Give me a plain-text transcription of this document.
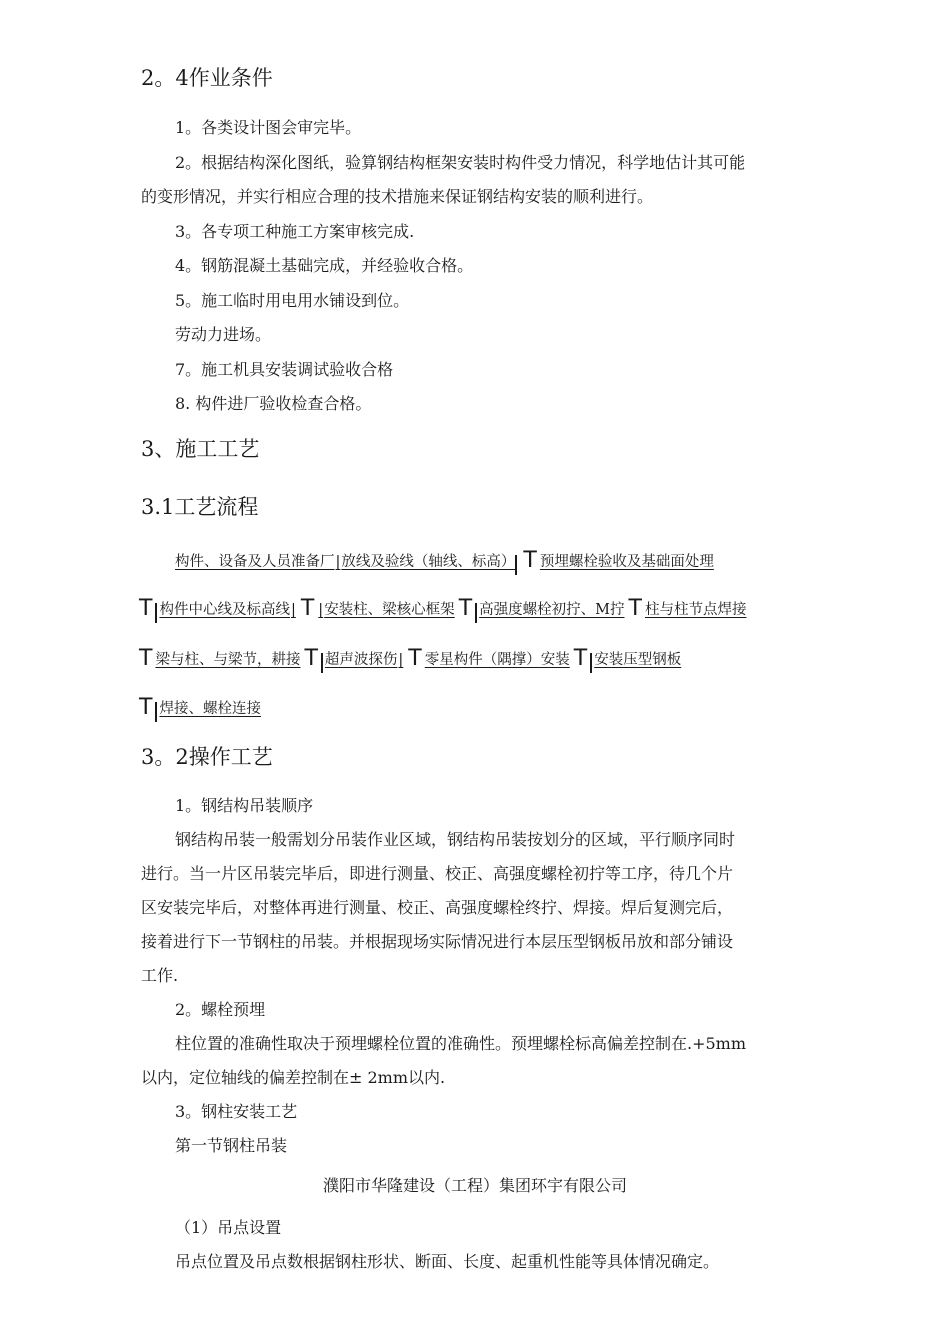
2。4作业条件
1。各类设计图会审完毕。
2。根据结构深化图纸，验算钢结构框架安装时构件受力情况，科学地估计其可能
的变形情况，并实行相应合理的技术措施来保证钢结构安装的顺利进行。
3。各专项工种施工方案审核完成.
4。钢筋混凝土基础完成，并经验收合格。
5。施工临时用电用水铺设到位。
劳动力进场。
7。施工机具安装调试验收合格
8. 构件进厂验收检查合格。
3、施工工艺
3.1工艺流程
构件、设备及人员准备厂 | 放线及验线（轴线、标高） T 预埋螺栓验收及基础面处理
T 构件中心线及标高线 | T | 安装柱、梁核心框架 T 高强度螺栓初拧、M拧 T 柱与柱节点焊接
T 梁与柱、与梁节，耕接 T 超声波探伤 | T 零星构件（隅撑）安装 T 安装压型钢板
T 焊接、螺栓连接
3。2操作工艺
1。钢结构吊装顺序
钢结构吊装一般需划分吊装作业区域，钢结构吊装按划分的区域，平行顺序同时
进行。当一片区吊装完毕后，即进行测量、校正、高强度螺栓初拧等工序，待几个片
区安装完毕后，对整体再进行测量、校正、高强度螺栓终拧、焊接。焊后复测完后，
接着进行下一节钢柱的吊装。并根据现场实际情况进行本层压型钢板吊放和部分铺设
工作.
2。螺栓预埋
柱位置的准确性取决于预埋螺栓位置的准确性。预埋螺栓标高偏差控制在.+5mm
以内，定位轴线的偏差控制在± 2mm以内.
3。钢柱安装工艺
第一节钢柱吊装
濮阳市华隆建设（工程）集团环宇有限公司
（1）吊点设置
吊点位置及吊点数根据钢柱形状、断面、长度、起重机性能等具体情况确定。
